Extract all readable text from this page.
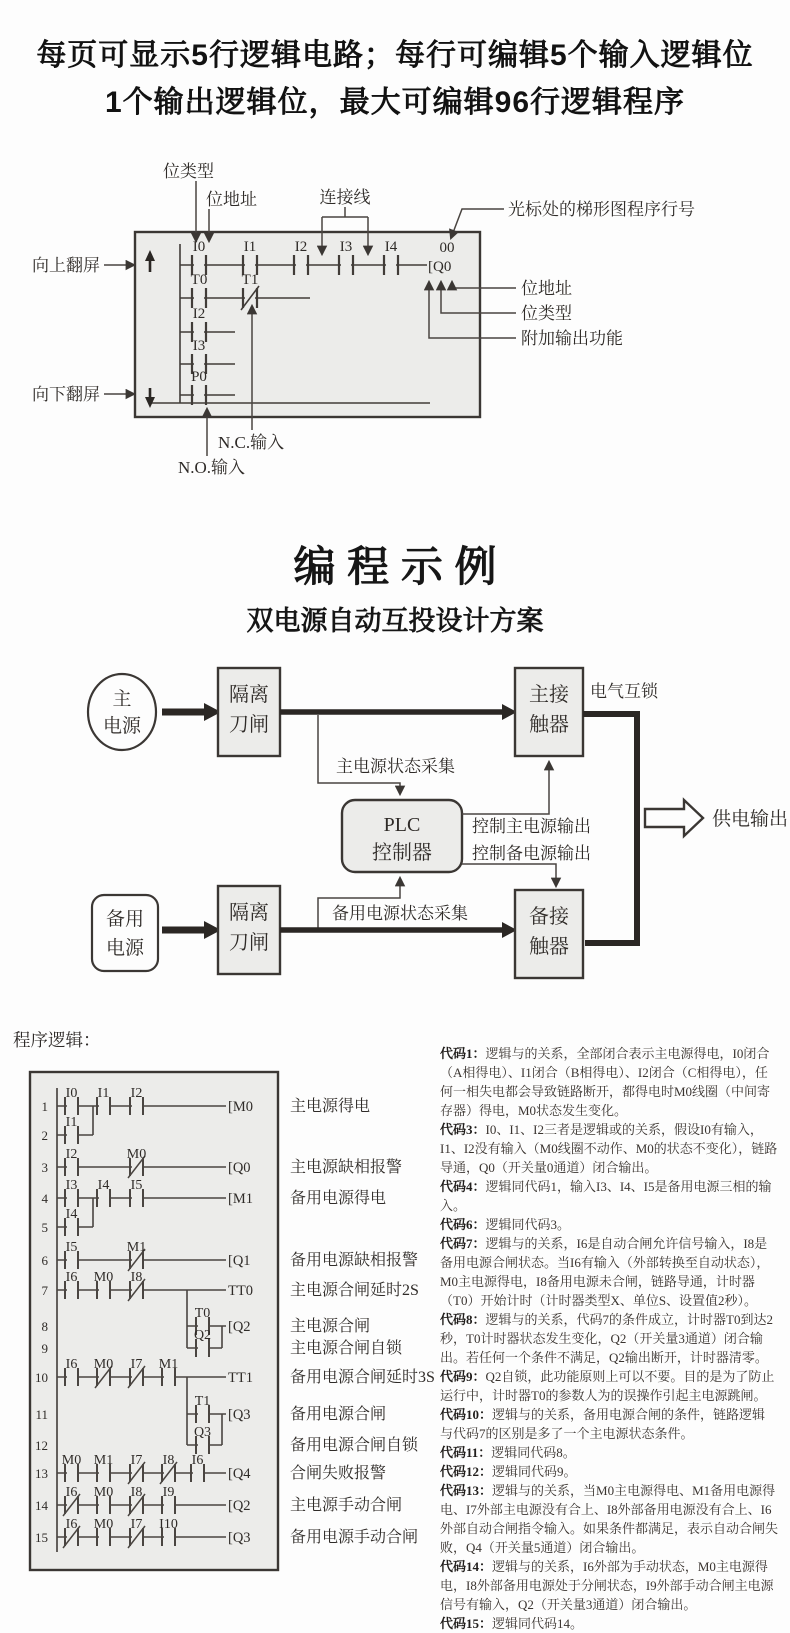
每页可显示5行逻辑电路；每行可编辑5个输入逻辑位
1个输出逻辑位，最大可编辑96行逻辑程序
I0	I1	I2 I3 I4	00
[Q0
T0 T1
I2
I3
P0
向上翻屏
向下翻屏
位类型
位地址	连接线
光标处的梯形图程序行号
位地址
位类型
附加输出功能
N.C.输入
N.O.输入
编 程 示 例
双电源自动互投设计方案
主
电源
隔离
刀闸
主接
触器
电气互锁
供电输出
主电源状态采集
PLC
控制器
控制主电源输出
控制备电源输出
备用电源状态采集
备用
电源
隔离
刀闸
备接
触器
程序逻辑：
1
I0 I1 I2
[M0 主电源得电
2
I1
3
I2	M0
[Q0 主电源缺相报警
4
I3 I4 I5
[M1 备用电源得电
5
I4
6
I5	M1
[Q1 备用电源缺相报警
7
I6 M0 I8
TT0 主电源合闸延时2S
8
T0
[Q2 主电源合闸
9
Q2
主电源合闸自锁
10
I6 M0 I7 M1
TT1 备用电源合闸延时3S
11
T1
[Q3 备用电源合闸
12
Q3
备用电源合闸自锁
13
M0 M1 I7 I8 I6
[Q4 合闸失败报警
14
I6 M0 I8 I9
[Q2 主电源手动合闸
15
I6 M0 I7 I10
[Q3 备用电源手动合闸

代码1：逻辑与的关系，全部闭合表示主电源得电，I0闭合（A相得电）、I1闭合（B相得电）、I2闭合（C相得电），任何一相失电都会导致链路断开，都得电时M0线圈（中间寄存器）得电，M0状态发生变化。

代码3：I0、I1、I2三者是逻辑或的关系，假设I0有输入，I1、I2没有输入（M0线圈不动作、M0的状态不变化），链路导通，Q0（开关量0通道）闭合输出。

代码4：逻辑同代码1，输入I3、I4、I5是备用电源三相的输入。

代码6：逻辑同代码3。

代码7：逻辑与的关系，I6是自动合闸允许信号输入，I8是备用电源合闸状态。当I6有输入（外部转换至自动状态），M0主电源得电，I8备用电源未合闸，链路导通，计时器（T0）开始计时（计时器类型X、单位S、设置值2秒）。

代码8：逻辑与的关系，代码7的条件成立，计时器T0到达2秒，T0计时器状态发生变化，Q2（开关量3通道）闭合输出。若任何一个条件不满足，Q2输出断开，计时器清零。

代码9：Q2自锁，此功能原则上可以不要。目的是为了防止运行中，计时器T0的参数人为的误操作引起主电源跳闸。

代码10：逻辑与的关系，备用电源合闸的条件，链路逻辑与代码7的区别是多了一个主电源状态条件。

代码11：逻辑同代码8。

代码12：逻辑同代码9。

代码13：逻辑与的关系，当M0主电源得电、M1备用电源得电、I7外部主电源没有合上、I8外部备用电源没有合上、I6外部自动合闸指令输入。如果条件都满足，表示自动合闸失败，Q4（开关量5通道）闭合输出。

代码14：逻辑与的关系，I6外部为手动状态，M0主电源得电，I8外部备用电源处于分闸状态，I9外部手动合闸主电源信号有输入，Q2（开关量3通道）闭合输出。

代码15：逻辑同代码14。
